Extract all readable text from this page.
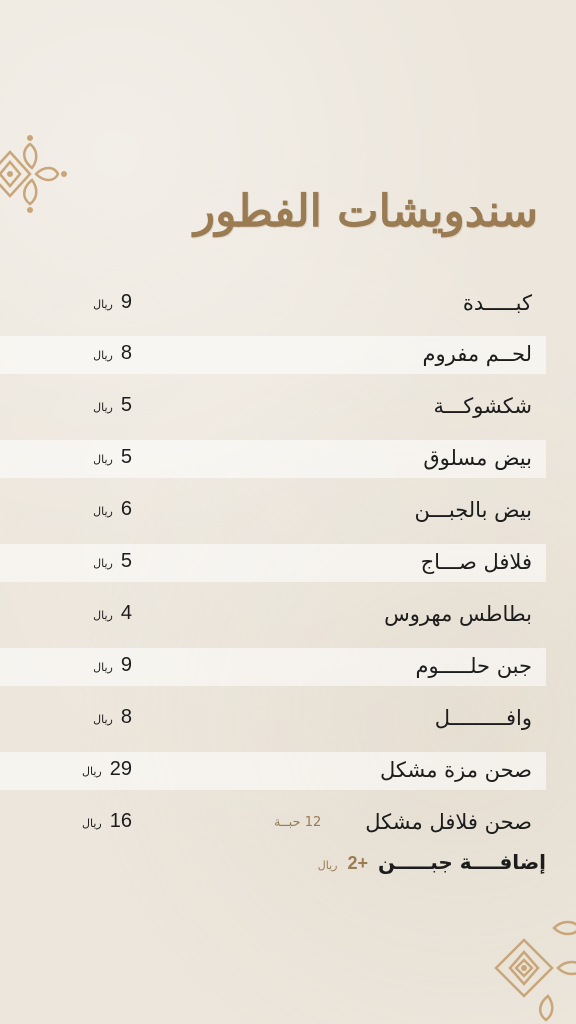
سندويشات الفطور
كبـــــدة
9
ريال
لحــم مفروم
8
ريال
شكشوكـــة
5
ريال
بيض مسلوق
5
ريال
بيض بالجبـــن
6
ريال
فلافل صـــاج
5
ريال
بطاطس مهروس
4
ريال
جبن حلـــــوم
9
ريال
وافـــــــــل
8
ريال
صحن مزة مشكل
29
ريال
صحن فلافل مشكل
16
ريال	12 حبــة
إضافــــة جبـــــن
+2
ريال
